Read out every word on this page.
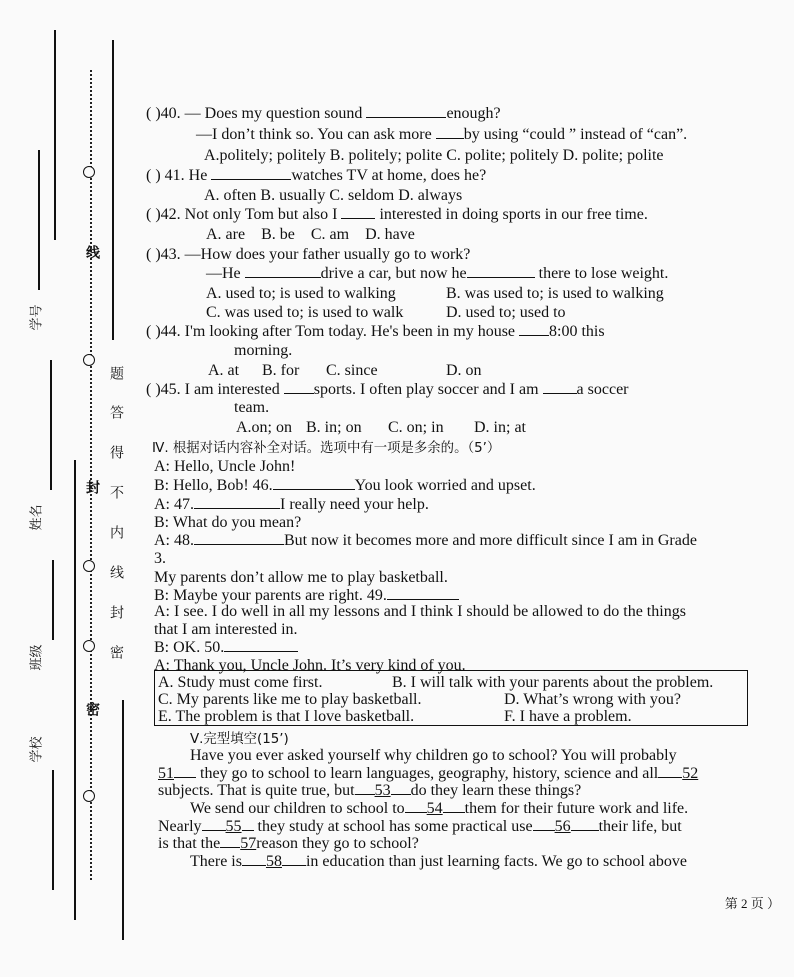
线
题
答
得
不
封
内
线
封
密
密
学号
姓名
班级
学校
( )40. — Does my question sound	enough?
—I don’t think so. You can ask more by using “could ” instead of “can”.
A.politely; politely B. politely; polite C. polite; politely D. polite; polite
( ) 41. He	watches TV at home, does he?
A. often B. usually C. seldom D. always
( )42. Not only Tom but also I	interested in doing sports in our free time.
A. are    B. be    C. am    D. have
( )43. —How does your father usually go to work?
—He	drive a car, but now he	there to lose weight.
A. used to; is used to walking	B. was used to; is used to walking
C. was used to; is used to walk	D. used to; used to
( )44. I'm looking after Tom today. He's been in my house 8:00 this
morning.
A. at B. for C. since	D. on
( )45. I am interested sports. I often play soccer and I am a soccer
team.
A.on; on B. in; on C. on; in D. in; at
Ⅳ. 根据对话内容补全对话。选项中有一项是多余的。（5’）
A: Hello, Uncle John!
B: Hello, Bob! 46.	You look worried and upset.
A: 47.	I really need your help.
B: What do you mean?
A: 48.	But now it becomes more and more difficult since I am in Grade
3.
My parents don’t allow me to play basketball.
B: Maybe your parents are right. 49.
A: I see. I do well in all my lessons and I think I should be allowed to do the things
that I am interested in.
B: OK. 50.
A: Thank you, Uncle John. It’s very kind of you.
A. Study must come first.	B. I will talk with your parents about the problem.
C. My parents like me to play basketball.	D. What’s wrong with you?
E. The problem is that I love basketball.	F. I have a problem.
Ⅴ.完型填空(15’)
Have you ever asked yourself why children go to school? You will probably
51 they go to school to learn languages, geography, history, science and all 52
subjects. That is quite true, but 53 do they learn these things?
We send our children to school to 54 them for their future work and life.
Nearly 55 they study at school has some practical use 56 their life, but
is that the 57reason they go to school?
There is 58 in education than just learning facts. We go to school above
第 2 页 ）
